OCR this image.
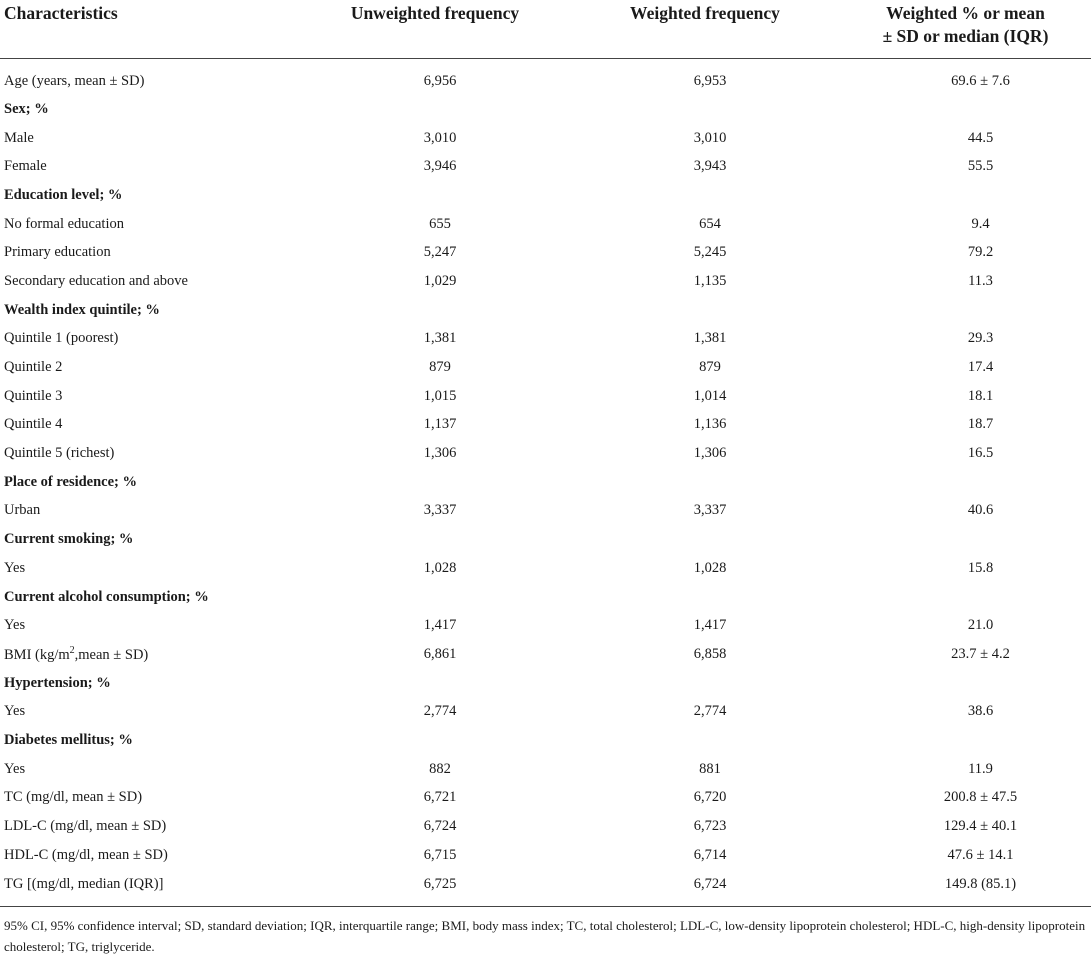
Characteristics	Unweighted frequency	Weighted frequency	Weighted % or mean
± SD or median (IQR)
Age (years, mean ± SD)	6,956	6,953	69.6 ± 7.6
Sex; %			
Male	3,010	3,010	44.5
Female	3,946	3,943	55.5
Education level; %			
No formal education	655	654	9.4
Primary education	5,247	5,245	79.2
Secondary education and above	1,029	1,135	11.3
Wealth index quintile; %			
Quintile 1 (poorest)	1,381	1,381	29.3
Quintile 2	879	879	17.4
Quintile 3	1,015	1,014	18.1
Quintile 4	1,137	1,136	18.7
Quintile 5 (richest)	1,306	1,306	16.5
Place of residence; %			
Urban	3,337	3,337	40.6
Current smoking; %			
Yes	1,028	1,028	15.8
Current alcohol consumption; %			
Yes	1,417	1,417	21.0
BMI $(kg/m^2,mean \pm SD)$	6,861	6,858	23.7 ± 4.2
Hypertension; %			
Yes	2,774	2,774	38.6
Diabetes mellitus; %			
Yes	882	881	11.9
TC (mg/dl, mean ± SD)	6,721	6,720	200.8 ± 47.5
LDL-C (mg/dl, mean ± SD)	6,724	6,723	129.4 ± 40.1
HDL-C (mg/dl, mean ± SD)	6,715	6,714	47.6 ± 14.1
TG [(mg/dl, median (IQR)]	6,725	6,724	149.8 (85.1)
95% CI, 95% confidence interval; SD, standard deviation; IQR, interquartile range; BMI, body mass index; TC, total cholesterol; LDL-C, low-density lipoprotein cholesterol; HDL-C, high-density lipoprotein cholesterol; TG, triglyceride.
